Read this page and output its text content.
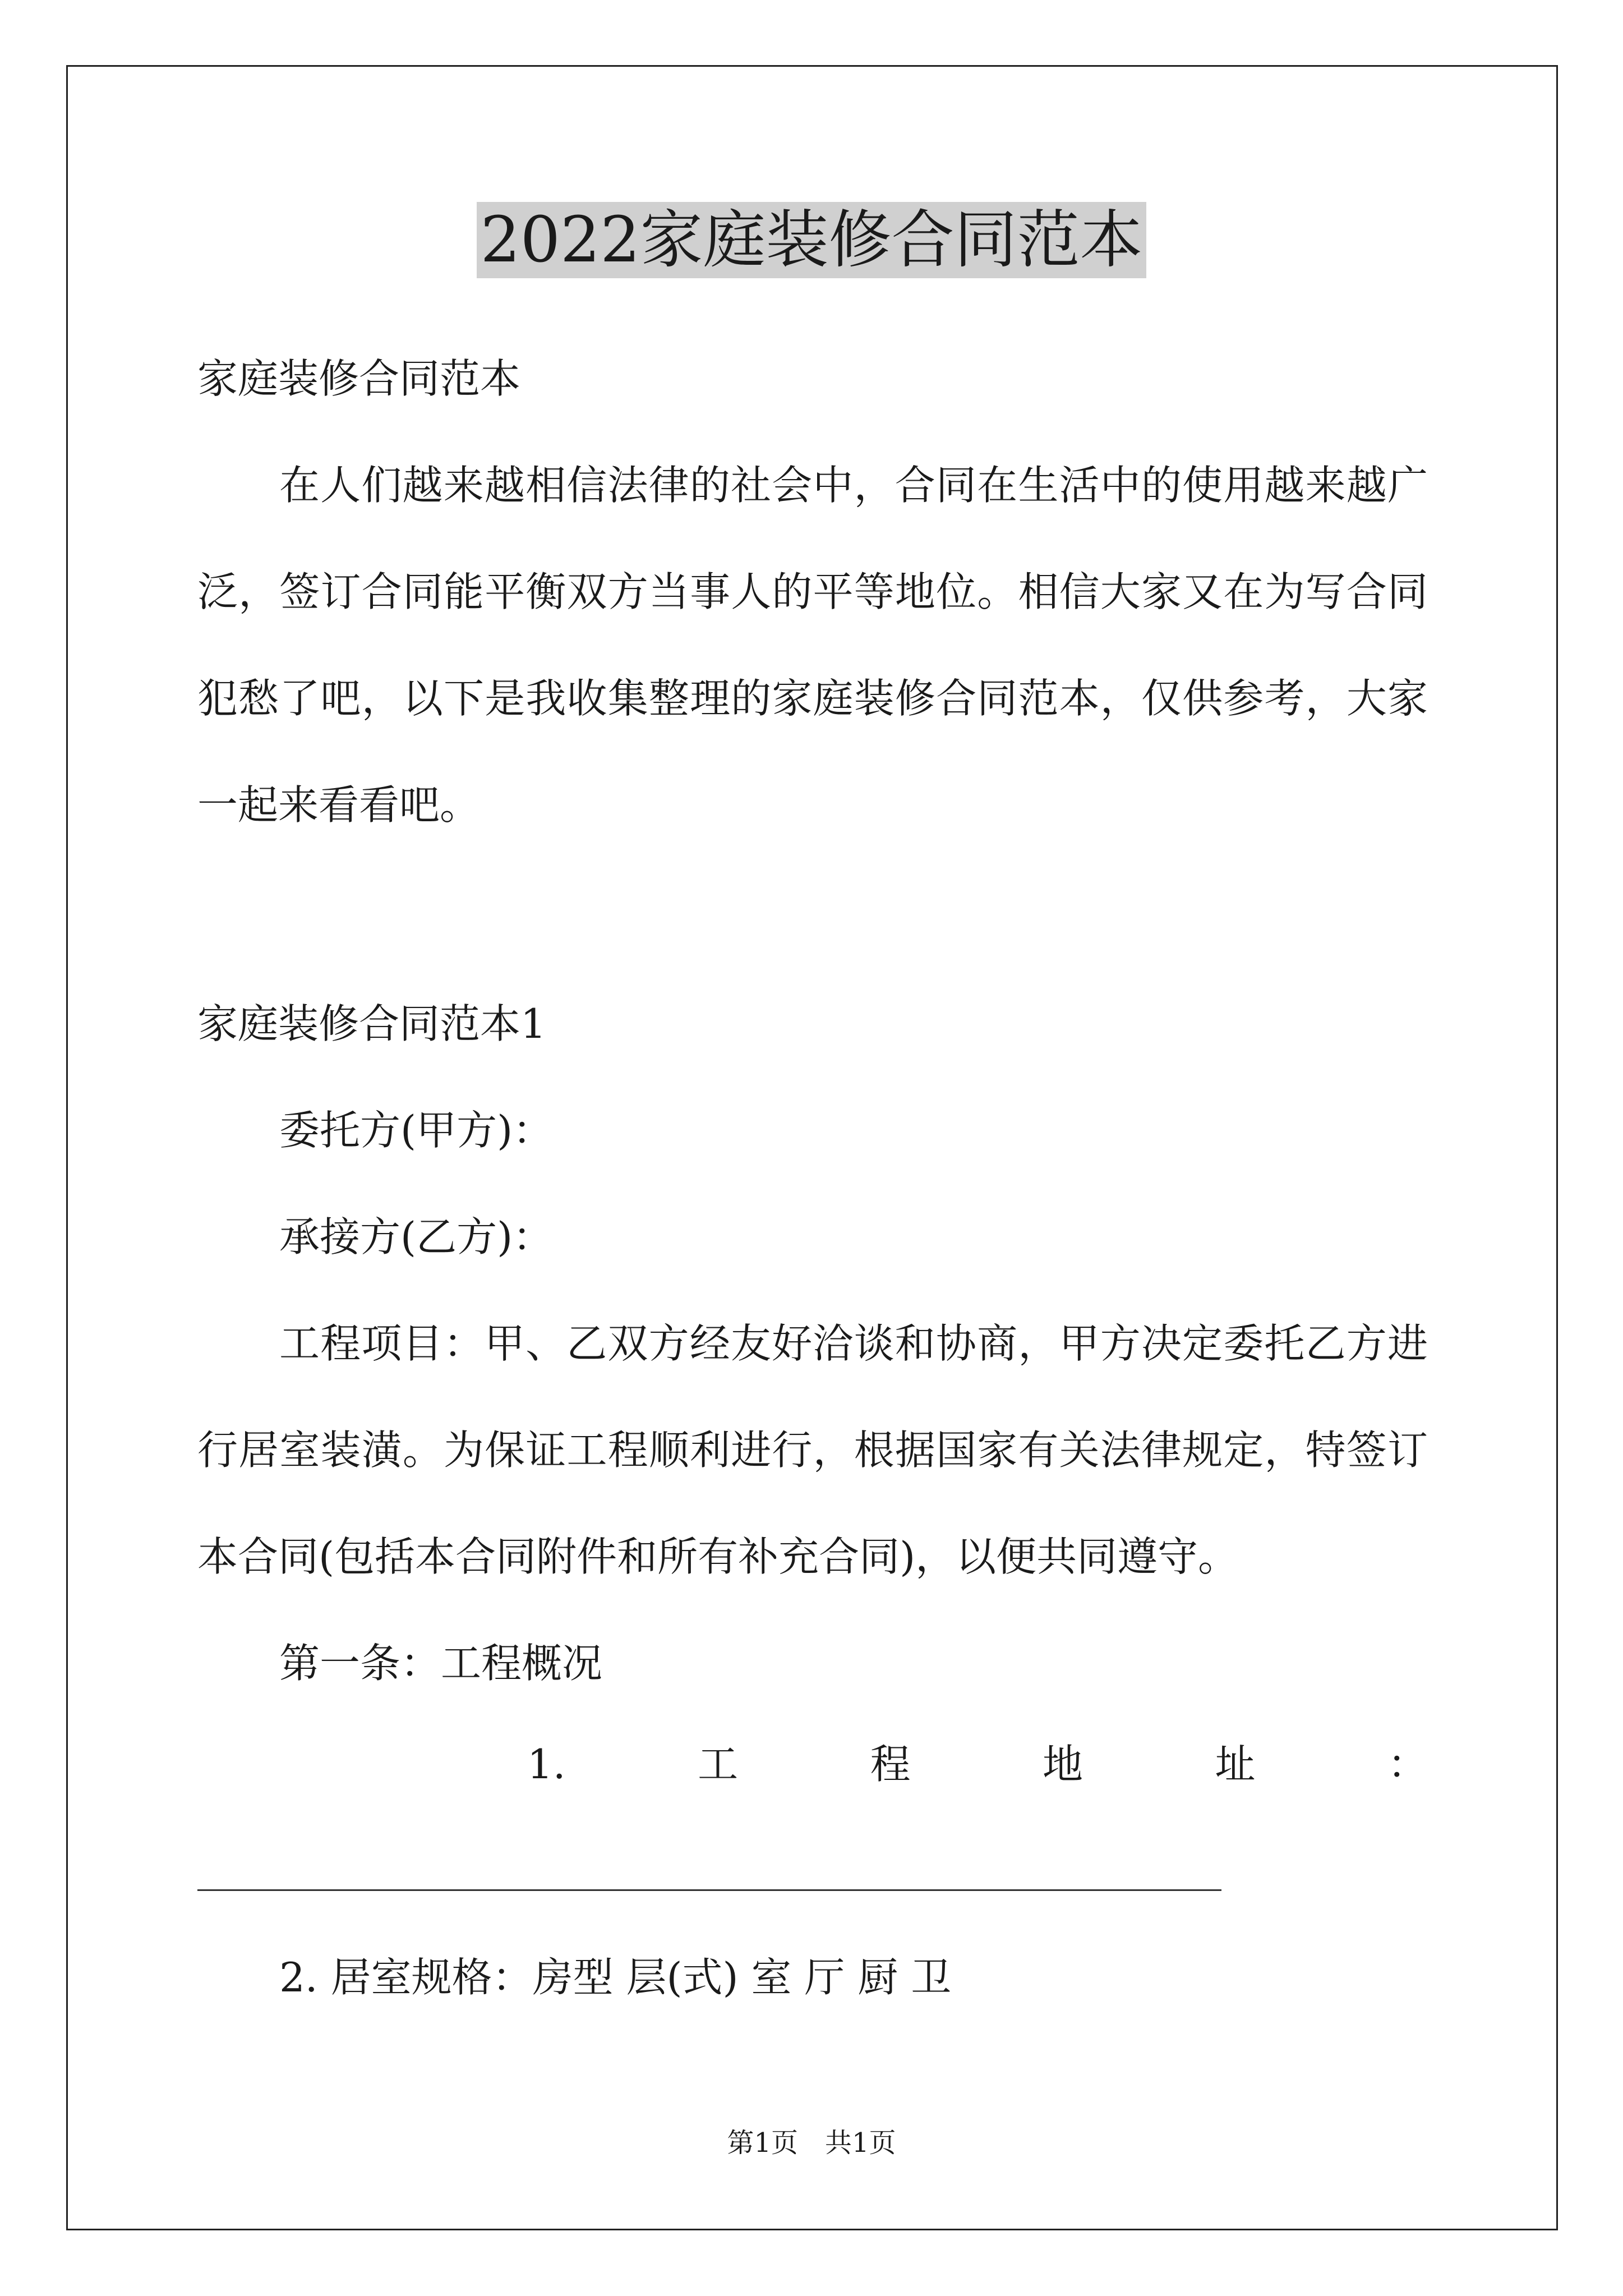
2022家庭装修合同范本
家庭装修合同范本
在人们越来越相信法律的社会中，合同在生活中的使用越来越广
泛，签订合同能平衡双方当事人的平等地位。相信大家又在为写合同
犯愁了吧，以下是我收集整理的家庭装修合同范本，仅供参考，大家
一起来看看吧。
家庭装修合同范本1
委托方(甲方)：
承接方(乙方)：
工程项目：甲、乙双方经友好洽谈和协商，甲方决定委托乙方进
行居室装潢。为保证工程顺利进行，根据国家有关法律规定，特签订
本合同(包括本合同附件和所有补充合同)，以便共同遵守。
第一条：工程概况
1.	工	程	地	址	：
2. 居室规格：房型 层(式) 室 厅 厨 卫
第1页　共1页
